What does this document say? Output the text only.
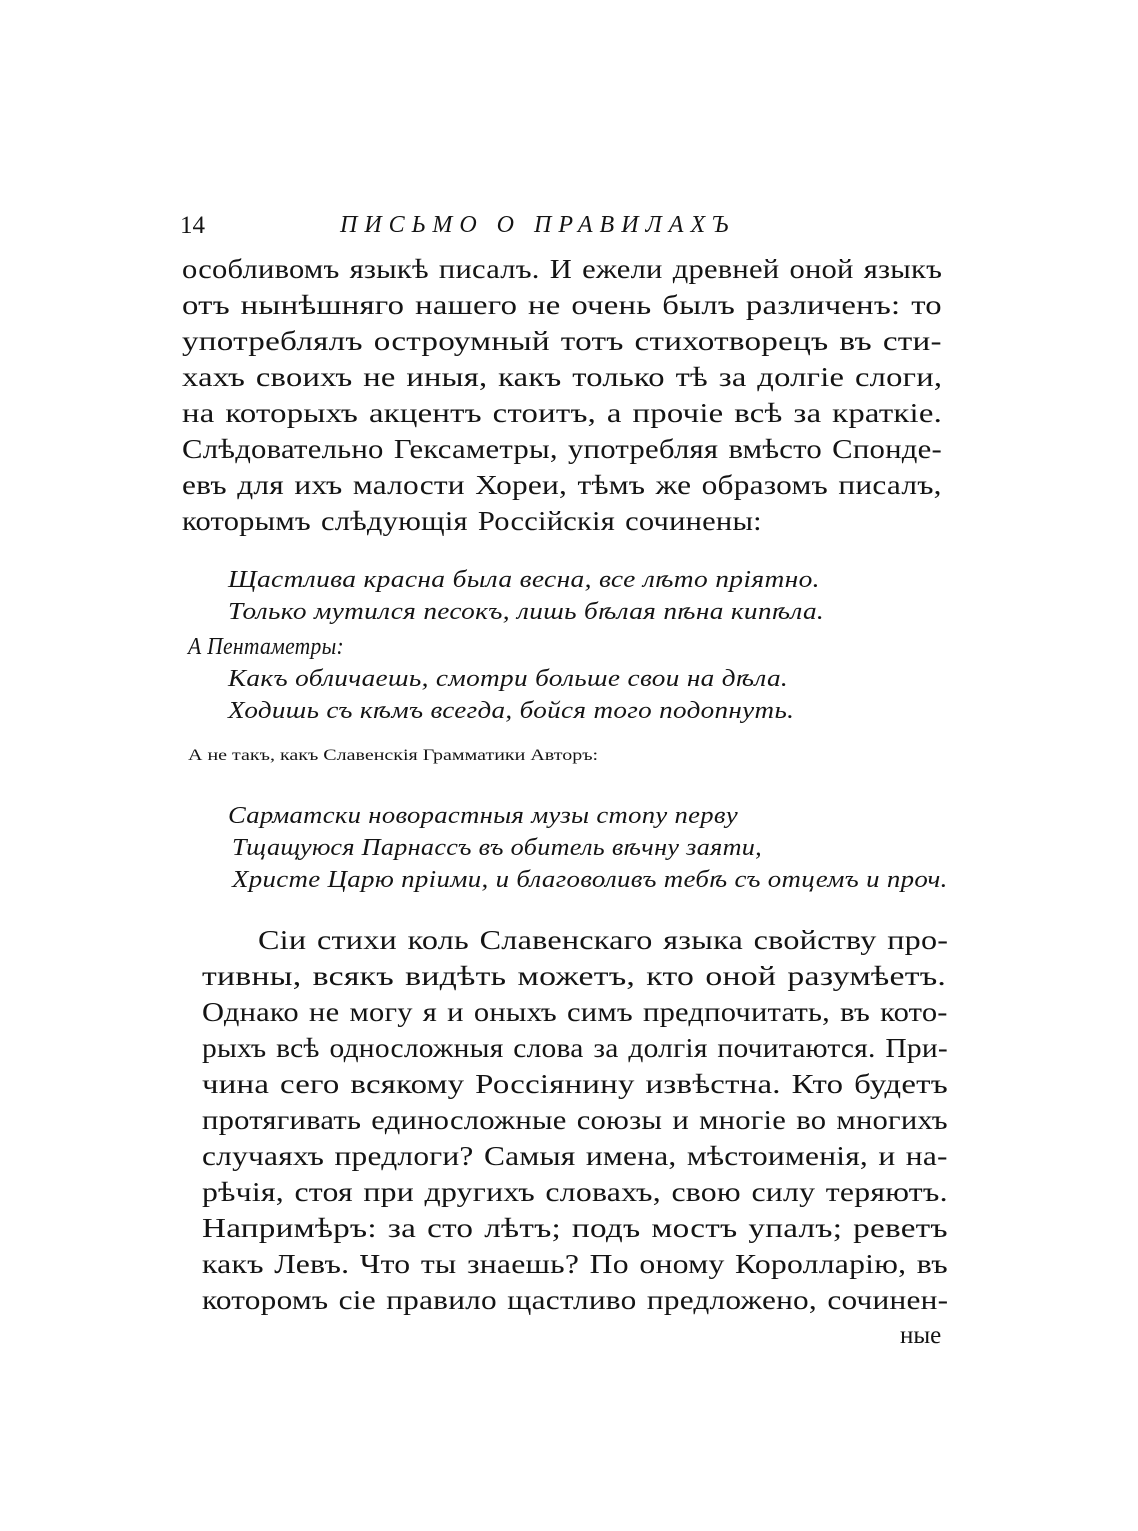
14	ПИСЬМО О ПРАВИЛАХЪ
особливомъ языкѣ писалъ. И ежели древней оной языкъ
отъ нынѣшняго нашего не очень былъ различенъ: то
употреблялъ остроумный тотъ стихотворецъ въ сти-
хахъ своихъ не иныя, какъ только тѣ за долгіе слоги,
на которыхъ акцентъ стоитъ, а прочіе всѣ за краткіе.
Слѣдовательно Гексаметры, употребляя вмѣсто Спонде-
евъ для ихъ малости Хореи, тѣмъ же образомъ писалъ,
которымъ слѣдующія Россійскія сочинены:
Щастлива красна была весна, все лѣто пріятно.
Только мутился песокъ, лишь бѣлая пѣна кипѣла.
А Пентаметры:
Какъ обличаешь, смотри больше свои на дѣла.
Ходишь съ кѣмъ всегда, бойся того подопнуть.
А не такъ, какъ Славенскія Грамматики Авторъ:
Сарматски новорастныя музы стопу перву
Тщащуюся Парнассъ въ обитель вѣчну заяти,
Христе Царю пріими, и благоволивъ тебѣ съ отцемъ и проч.
Сіи стихи коль Славенскаго языка свойству про-
тивны, всякъ видѣть можетъ, кто оной разумѣетъ.
Однако не могу я и оныхъ симъ предпочитать, въ кото-
рыхъ всѣ односложныя слова за долгія почитаются. При-
чина сего всякому Россіянину извѣстна. Кто будетъ
протягивать единосложные союзы и многіе во многихъ
случаяхъ предлоги? Самыя имена, мѣстоименія, и на-
рѣчія, стоя при другихъ словахъ, свою силу теряютъ.
Напримѣръ: за сто лѣтъ; подъ мостъ упалъ; реветъ
какъ Левъ. Что ты знаешь? По оному Королларію, въ
которомъ сіе правило щастливо предложено, сочинен-
ные
